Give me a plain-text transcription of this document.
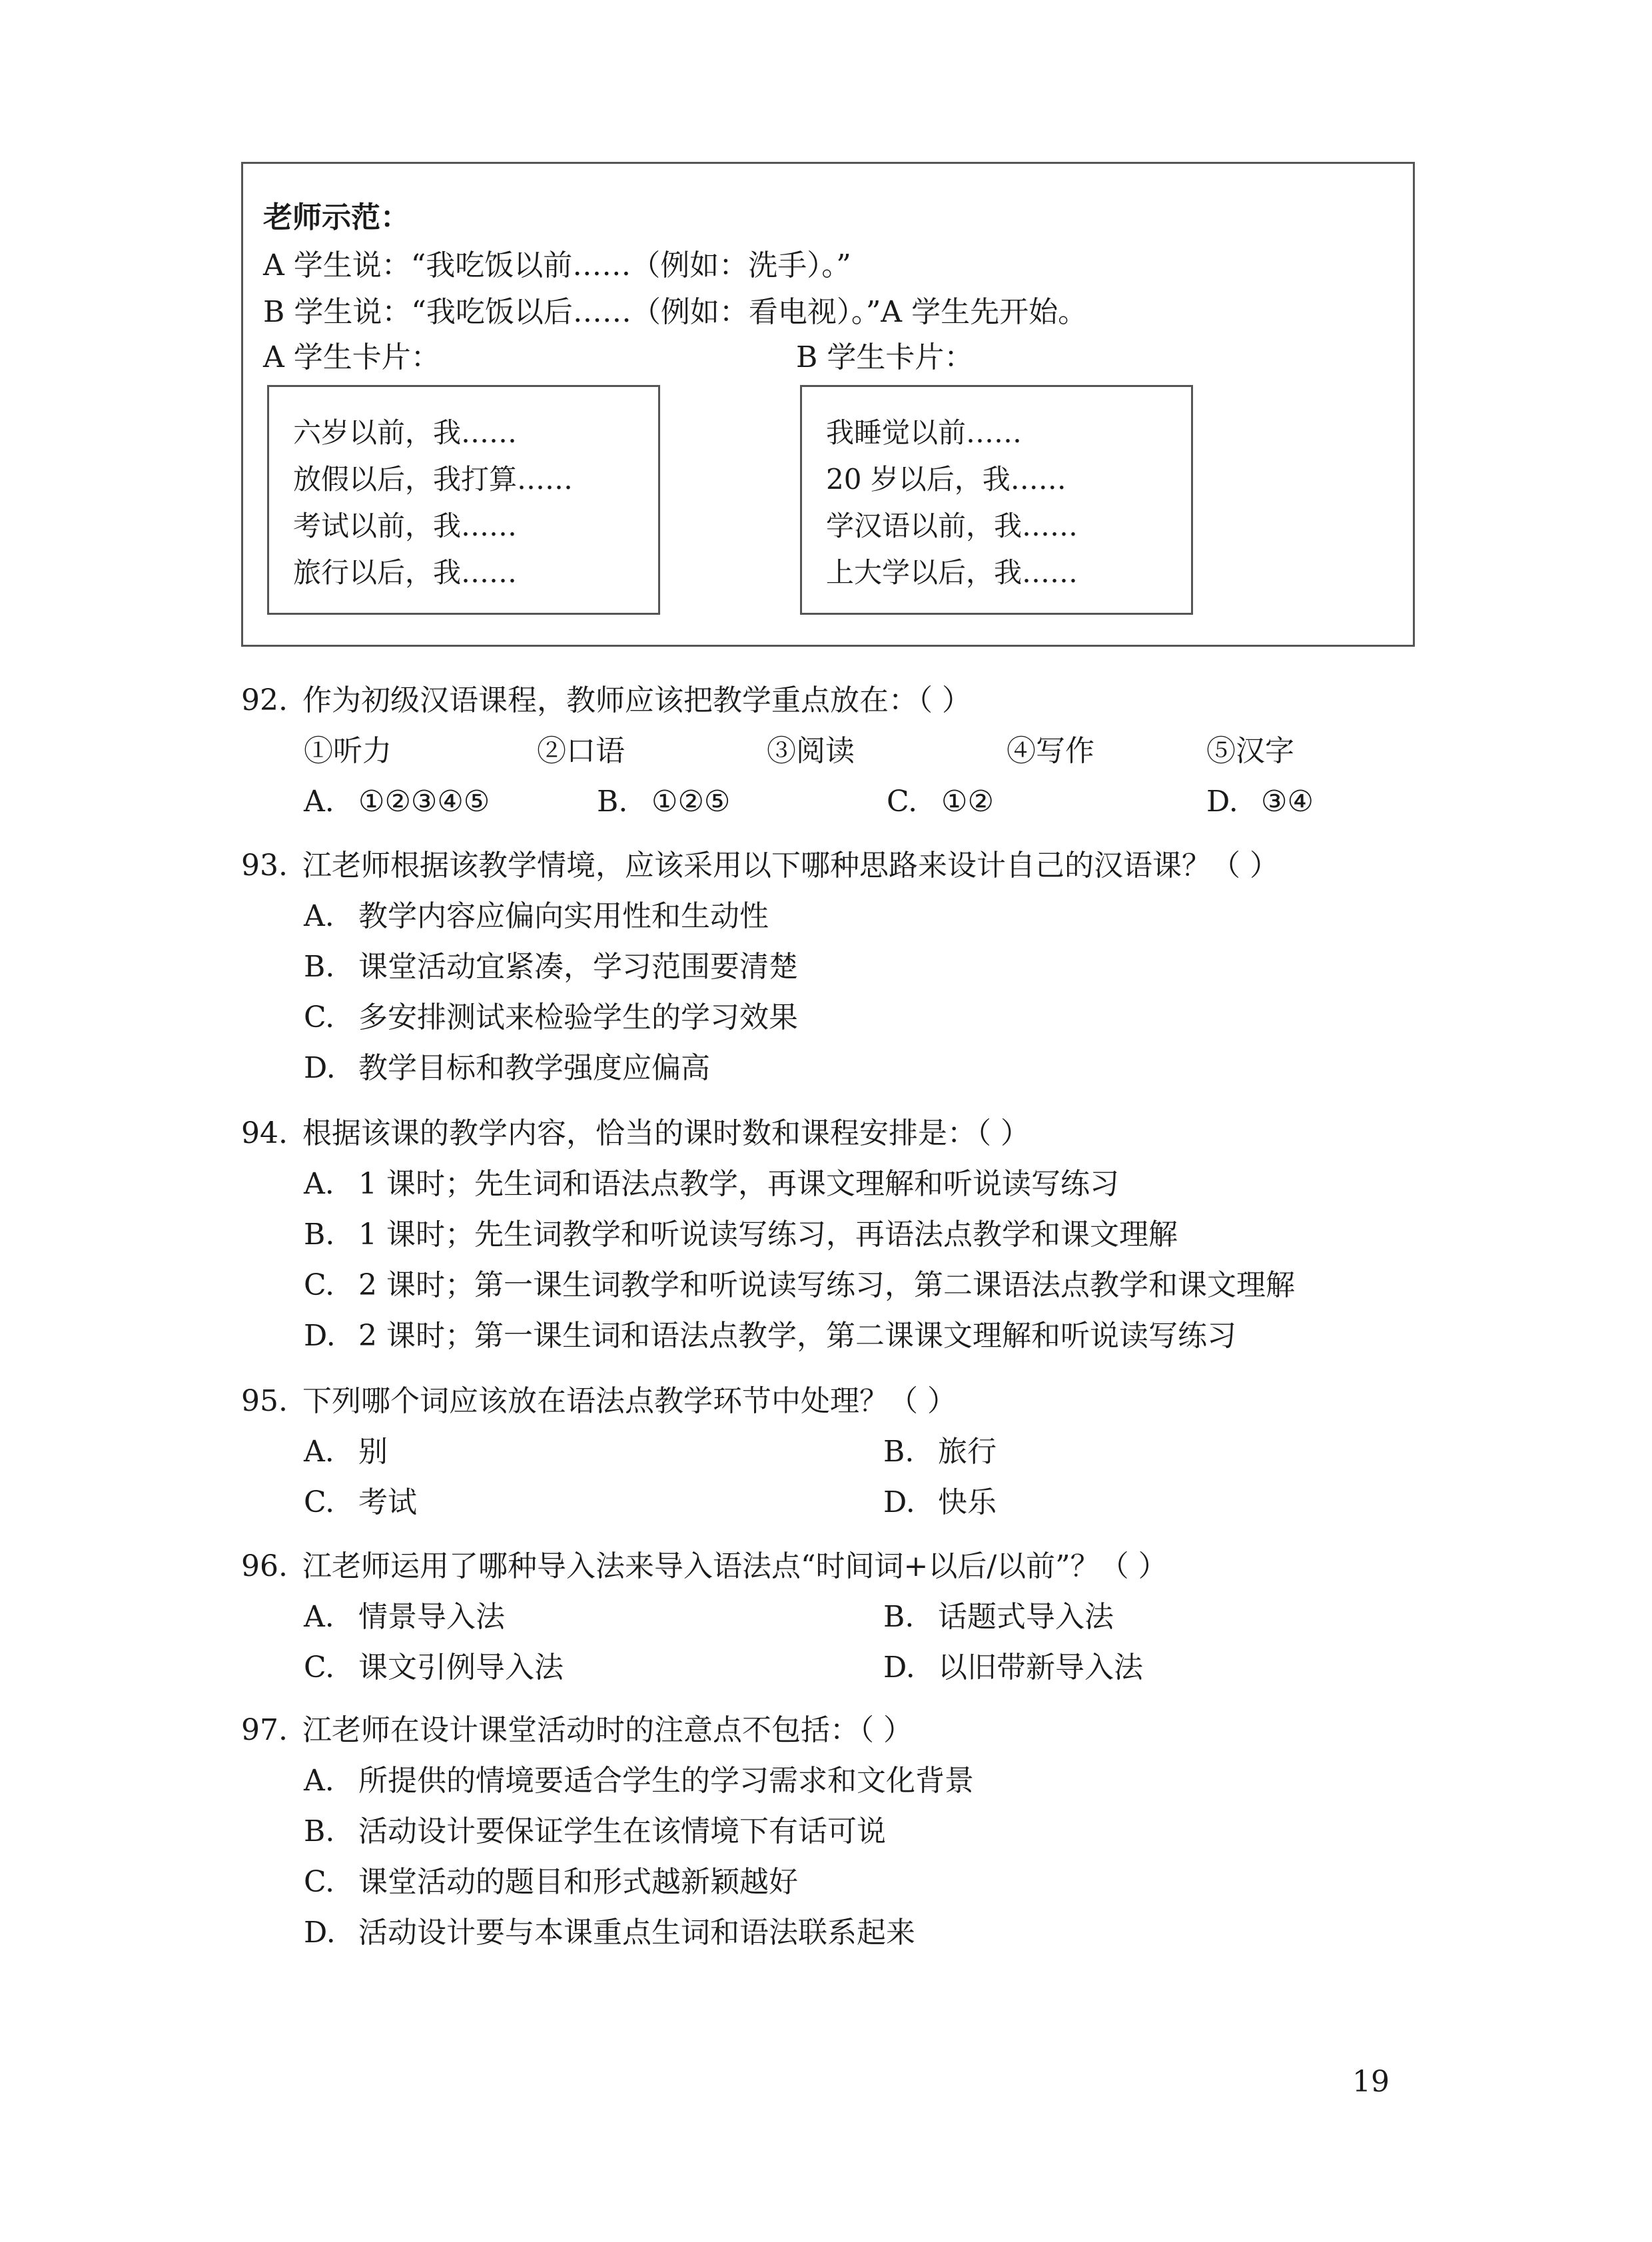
老师示范：
A 学生说：“我吃饭以前……（例如：洗手）。”
B 学生说：“我吃饭以后……（例如：看电视）。”A 学生先开始。
A 学生卡片：	B 学生卡片：
六岁以前，我……
放假以后，我打算……
考试以前，我……
旅行以后，我……
我睡觉以前……
20 岁以后，我……
学汉语以前，我……
上大学以后，我……
92. 作为初级汉语课程，教师应该把教学重点放在：（ ）
①听力	②口语	③阅读	④写作	⑤汉字
A. ①②③④⑤	B. ①②⑤	C. ①②	D. ③④
93. 江老师根据该教学情境，应该采用以下哪种思路来设计自己的汉语课？（ ）
A. 教学内容应偏向实用性和生动性
B. 课堂活动宜紧凑，学习范围要清楚
C. 多安排测试来检验学生的学习效果
D. 教学目标和教学强度应偏高
94. 根据该课的教学内容，恰当的课时数和课程安排是：（ ）
A. 1 课时；先生词和语法点教学，再课文理解和听说读写练习
B. 1 课时；先生词教学和听说读写练习，再语法点教学和课文理解
C. 2 课时；第一课生词教学和听说读写练习，第二课语法点教学和课文理解
D. 2 课时；第一课生词和语法点教学，第二课课文理解和听说读写练习
95. 下列哪个词应该放在语法点教学环节中处理？（ ）
A. 别	B. 旅行
C. 考试	D. 快乐
96. 江老师运用了哪种导入法来导入语法点“时间词+以后/以前”？（ ）
A. 情景导入法	B. 话题式导入法
C. 课文引例导入法	D. 以旧带新导入法
97. 江老师在设计课堂活动时的注意点不包括：（ ）
A. 所提供的情境要适合学生的学习需求和文化背景
B. 活动设计要保证学生在该情境下有话可说
C. 课堂活动的题目和形式越新颖越好
D. 活动设计要与本课重点生词和语法联系起来
19
